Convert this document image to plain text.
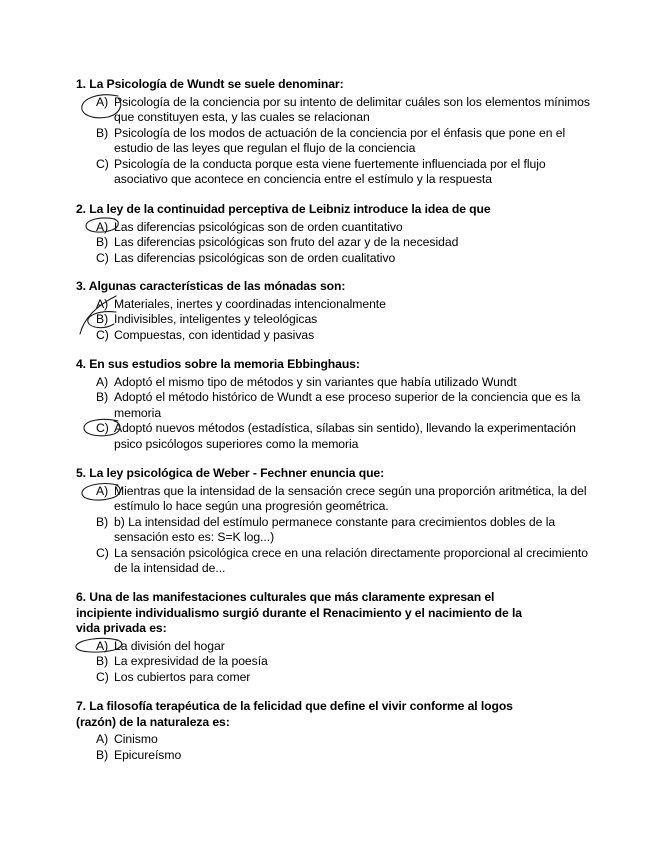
1. La Psicología de Wundt se suele denominar:
A) Psicología de la conciencia por su intento de delimitar cuáles son los elementos mínimos que constituyen esta, y las cuales se relacionan
B) Psicología de los modos de actuación de la conciencia por el énfasis que pone en el estudio de las leyes que regulan el flujo de la conciencia
C) Psicología de la conducta porque esta viene fuertemente influenciada por el flujo asociativo que acontece en conciencia entre el estímulo y la respuesta
2. La ley de la continuidad perceptiva de Leibniz introduce la idea de que
A) Las diferencias psicológicas son de orden cuantitativo
B) Las diferencias psicológicas son fruto del azar y de la necesidad
C) Las diferencias psicológicas son de orden cualitativo
3. Algunas características de las mónadas son:
A) Materiales, inertes y coordinadas intencionalmente
B) Indivisibles, inteligentes y teleológicas
C) Compuestas, con identidad y pasivas
4. En sus estudios sobre la memoria Ebbinghaus:
A) Adoptó el mismo tipo de métodos y sin variantes que había utilizado Wundt
B) Adoptó el método histórico de Wundt a ese proceso superior de la conciencia que es la memoria
C) Adoptó nuevos métodos (estadística, sílabas sin sentido), llevando la experimentación psico psicólogos superiores como la memoria
5. La ley psicológica de Weber - Fechner enuncia que:
A) Mientras que la intensidad de la sensación crece según una proporción aritmética, la del estímulo lo hace según una progresión geométrica.
B) b) La intensidad del estímulo permanece constante para crecimientos dobles de la sensación esto es: S=K log...)
C) La sensación psicológica crece en una relación directamente proporcional al crecimiento de la intensidad de...
6. Una de las manifestaciones culturales que más claramente expresan el incipiente individualismo surgió durante el Renacimiento y el nacimiento de la vida privada es:
A) La división del hogar
B) La expresividad de la poesía
C) Los cubiertos para comer
7. La filosofía terapéutica de la felicidad que define el vivir conforme al logos (razón) de la naturaleza es:
A) Cinismo
B) Epicureísmo
